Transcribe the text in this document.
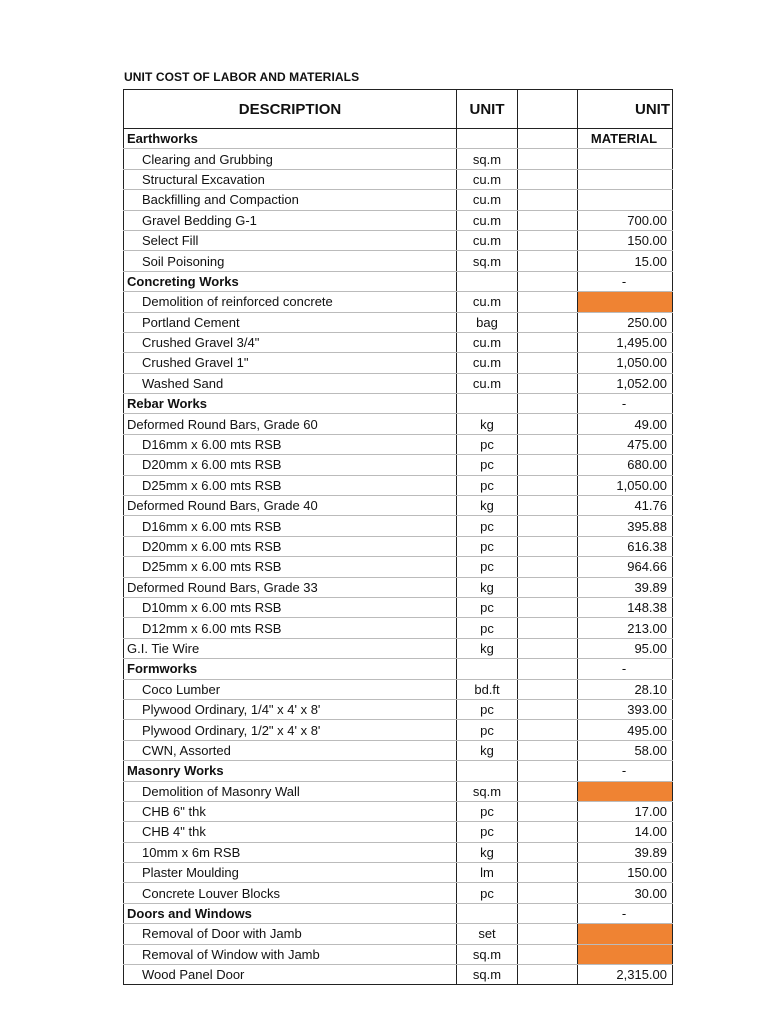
UNIT COST OF LABOR AND MATERIALS
DESCRIPTION	UNIT		UNIT
Earthworks			MATERIAL
Clearing and Grubbing	sq.m		
Structural Excavation	cu.m		
Backfilling and Compaction	cu.m		
Gravel Bedding G-1	cu.m		700.00
Select Fill	cu.m		150.00
Soil Poisoning	sq.m		15.00
Concreting Works			-
Demolition of reinforced concrete	cu.m		
Portland Cement	bag		250.00
Crushed Gravel 3/4"	cu.m		1,495.00
Crushed Gravel 1"	cu.m		1,050.00
Washed Sand	cu.m		1,052.00
Rebar Works			-
Deformed Round Bars, Grade 60	kg		49.00
D16mm x 6.00 mts RSB	pc		475.00
D20mm x 6.00 mts RSB	pc		680.00
D25mm x 6.00 mts RSB	pc		1,050.00
Deformed Round Bars, Grade 40	kg		41.76
D16mm x 6.00 mts RSB	pc		395.88
D20mm x 6.00 mts RSB	pc		616.38
D25mm x 6.00 mts RSB	pc		964.66
Deformed Round Bars, Grade 33	kg		39.89
D10mm x 6.00 mts RSB	pc		148.38
D12mm x 6.00 mts RSB	pc		213.00
G.I. Tie Wire	kg		95.00
Formworks			-
Coco Lumber	bd.ft		28.10
Plywood Ordinary, 1/4" x 4' x 8'	pc		393.00
Plywood Ordinary, 1/2" x 4' x 8'	pc		495.00
CWN, Assorted	kg		58.00
Masonry Works			-
Demolition of Masonry Wall	sq.m		
CHB 6" thk	pc		17.00
CHB 4" thk	pc		14.00
10mm x 6m RSB	kg		39.89
Plaster Moulding	lm		150.00
Concrete Louver Blocks	pc		30.00
Doors and Windows			-
Removal of Door with Jamb	set		
Removal of Window with Jamb	sq.m		
Wood Panel Door	sq.m		2,315.00
